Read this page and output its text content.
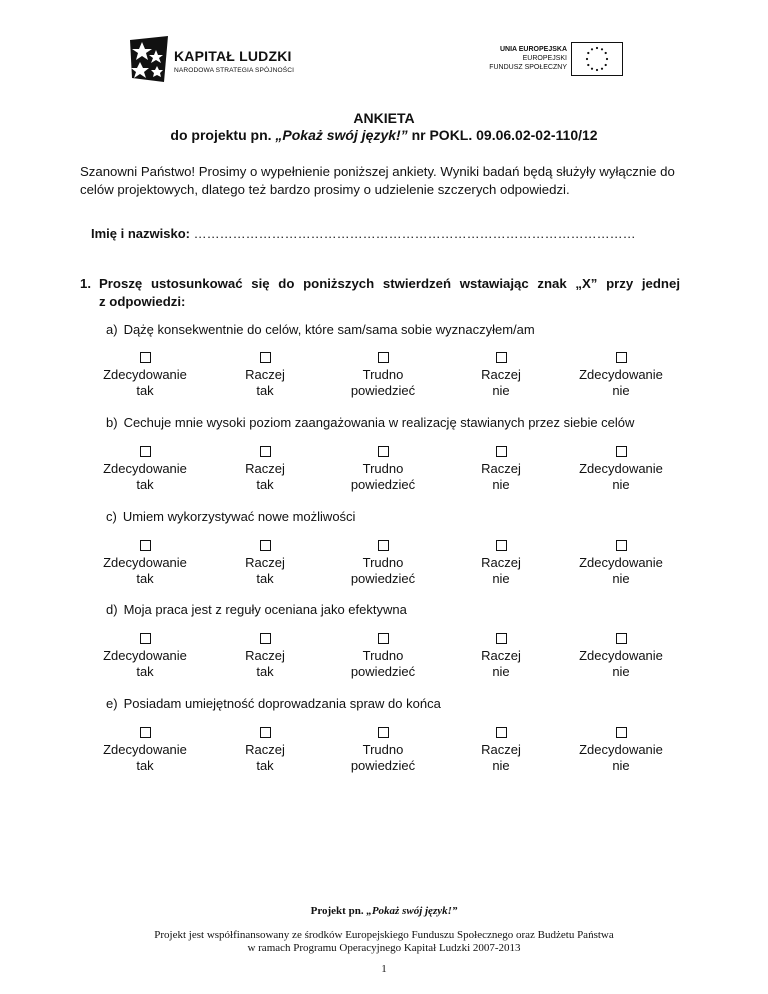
KAPITAŁ LUDZKI
NARODOWA STRATEGIA SPÓJNOŚCI
UNIA EUROPEJSKA
EUROPEJSKI
FUNDUSZ SPOŁECZNY
ANKIETA
do projektu pn. „Pokaż swój język!” nr POKL. 09.06.02-02-110/12
Szanowni Państwo! Prosimy o wypełnienie poniższej ankiety. Wyniki badań będą służyły wyłącznie do
celów projektowych, dlatego też bardzo prosimy o udzielenie szczerych odpowiedzi.
Imię i nazwisko: …………………………………………………………………………………………
1. Proszę ustosunkować się do poniższych stwierdzeń wstawiając znak „X” przy jednej
z odpowiedzi:
a) Dążę konsekwentnie do celów, które sam/sama sobie wyznaczyłem/am
Zdecydowanie
tak
Raczej
tak
Trudno
powiedzieć
Raczej
nie
Zdecydowanie
nie
b) Cechuje mnie wysoki poziom zaangażowania w realizację stawianych przez siebie celów
Zdecydowanie
tak
Raczej
tak
Trudno
powiedzieć
Raczej
nie
Zdecydowanie
nie
c) Umiem wykorzystywać nowe możliwości
Zdecydowanie
tak
Raczej
tak
Trudno
powiedzieć
Raczej
nie
Zdecydowanie
nie
d) Moja praca jest z reguły oceniana jako efektywna
Zdecydowanie
tak
Raczej
tak
Trudno
powiedzieć
Raczej
nie
Zdecydowanie
nie
e) Posiadam umiejętność doprowadzania spraw do końca
Zdecydowanie
tak
Raczej
tak
Trudno
powiedzieć
Raczej
nie
Zdecydowanie
nie
Projekt pn. „Pokaż swój język!”
Projekt jest współfinansowany ze środków Europejskiego Funduszu Społecznego oraz Budżetu Państwa
w ramach Programu Operacyjnego Kapitał Ludzki 2007-2013
1
